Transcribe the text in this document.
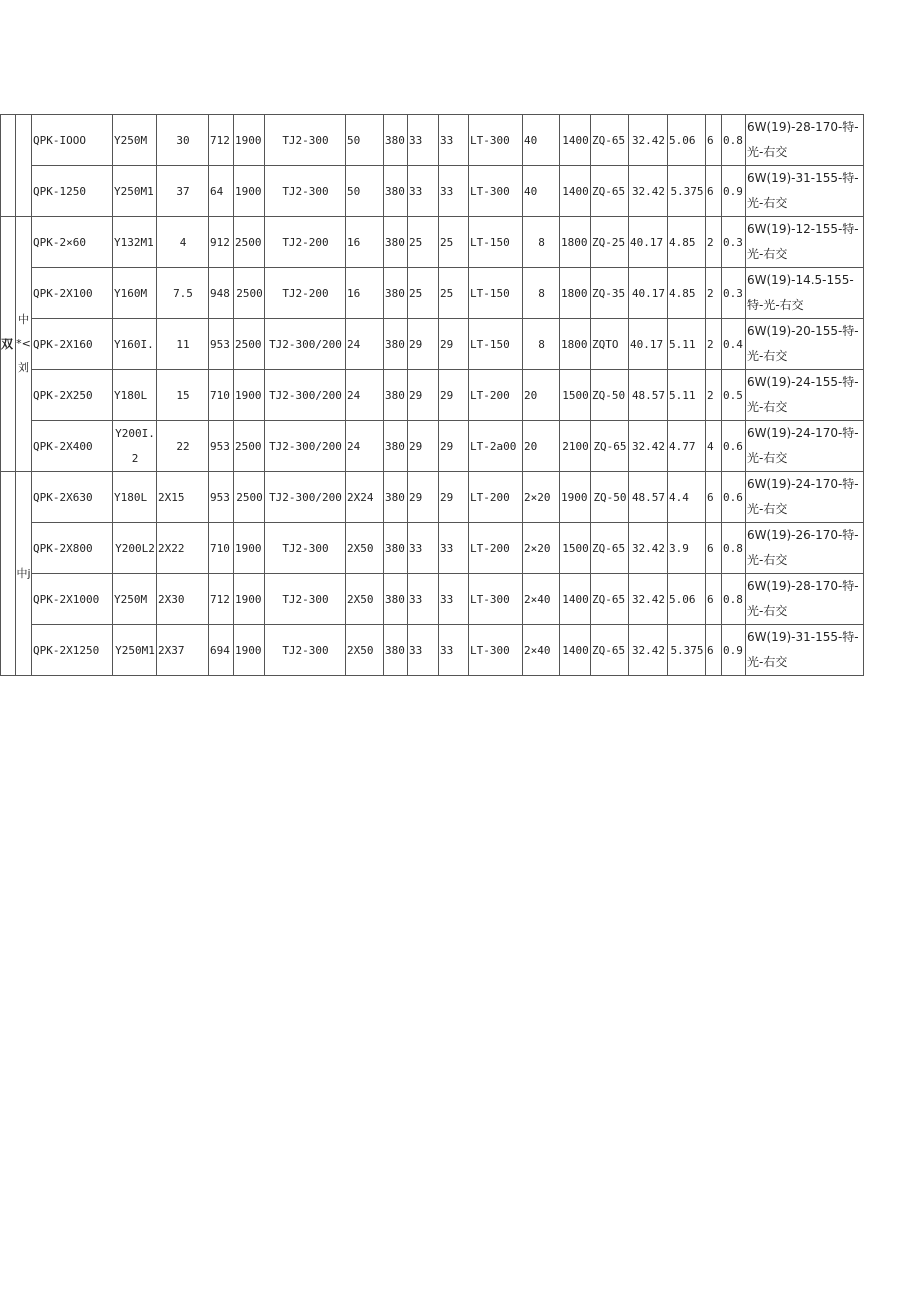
		QPK-IOOO	Y250M	30	712	1900	TJ2-300	50	380	33	33	LT-300	40	1400	ZQ-65	32.42	5.06	6	0.8	6W(19)-28-170-特-光-右交
		QPK-1250	Y250M1	37	64	1900	TJ2-300	50	380	33	33	LT-300	40	1400	ZQ-65	32.42	5.375	6	0.9	6W(19)-31-155-特-光-右交
双	中*<刘	QPK-2×60	Y132M1	4	912	2500	TJ2-200	16	380	25	25	LT-150	8	1800	ZQ-25	40.17	4.85	2	0.3	6W(19)-12-155-特-光-右交
		QPK-2X100	Y160M	7.5	948	2500	TJ2-200	16	380	25	25	LT-150	8	1800	ZQ-35	40.17	4.85	2	0.3	6W(19)-14.5-155-特-光-右交
		QPK-2X160	Y160I.	11	953	2500	TJ2-300/200	24	380	29	29	LT-150	8	1800	ZQTO	40.17	5.11	2	0.4	6W(19)-20-155-特-光-右交
		QPK-2X250	Y180L	15	710	1900	TJ2-300/200	24	380	29	29	LT-200	20	1500	ZQ-50	48.57	5.11	2	0.5	6W(19)-24-155-特-光-右交
		QPK-2X400	Y200I.2	22	953	2500	TJ2-300/200	24	380	29	29	LT-2a00	20	2100	ZQ-65	32.42	4.77	4	0.6	6W(19)-24-170-特-光-右交
	中j	QPK-2X630	Y180L	2X15	953	2500	TJ2-300/200	2X24	380	29	29	LT-200	2×20	1900	ZQ-50	48.57	4.4	6	0.6	6W(19)-24-170-特-光-右交
		QPK-2X800	Y200L2	2X22	710	1900	TJ2-300	2X50	380	33	33	LT-200	2×20	1500	ZQ-65	32.42	3.9	6	0.8	6W(19)-26-170-特-光-右交
		QPK-2X1000	Y250M	2X30	712	1900	TJ2-300	2X50	380	33	33	LT-300	2×40	1400	ZQ-65	32.42	5.06	6	0.8	6W(19)-28-170-特-光-右交
		QPK-2X1250	Y250M1	2X37	694	1900	TJ2-300	2X50	380	33	33	LT-300	2×40	1400	ZQ-65	32.42	5.375	6	0.9	6W(19)-31-155-特-光-右交
